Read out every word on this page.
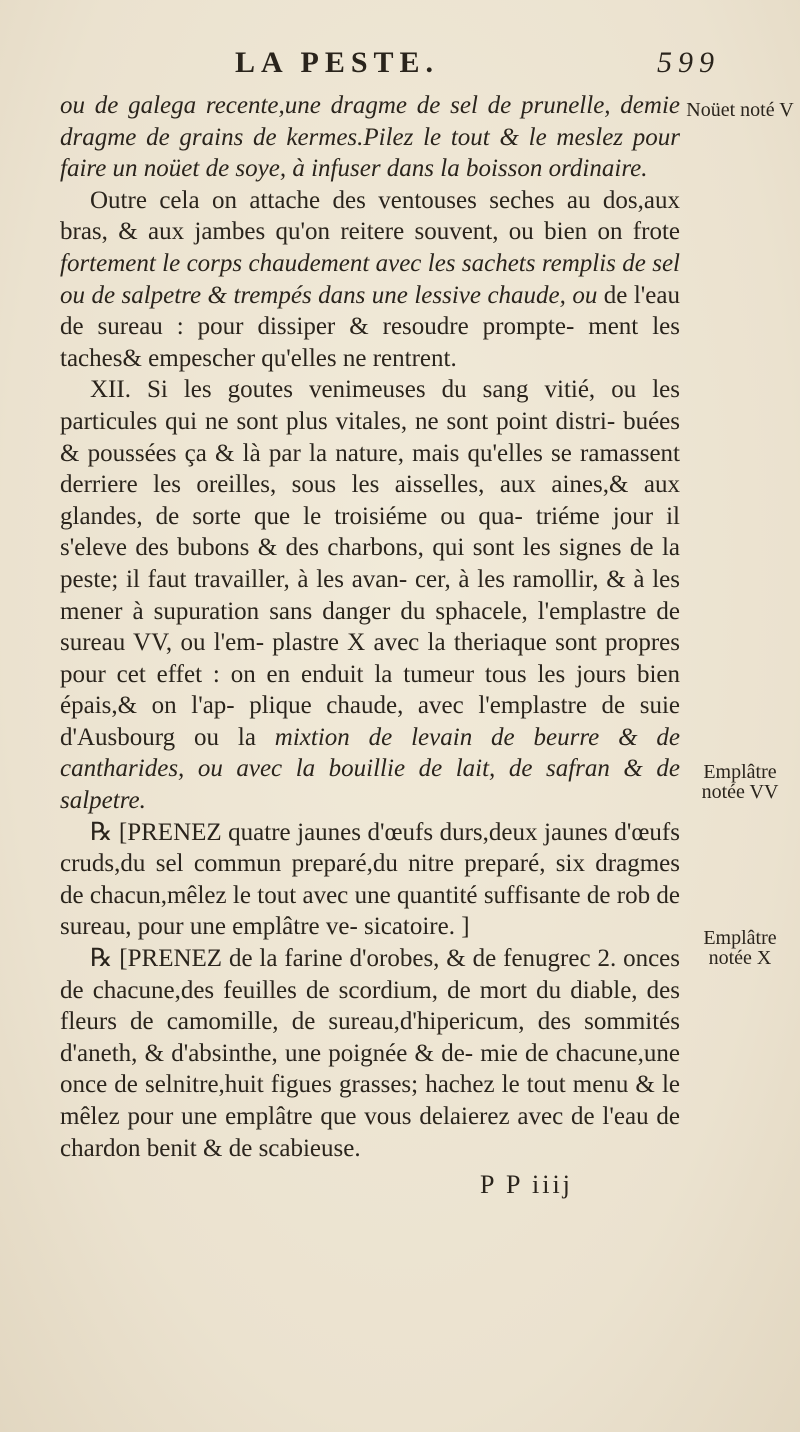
LA PESTE.	599

ou de galega recente,une dragme de sel de prunelle, demie dragme de grains de kermes.Pilez le tout & le meslez pour faire un noüet de soye, à infuser dans la boisson ordinaire.

Outre cela on attache des ventouses seches au dos,aux bras, & aux jambes qu'on reitere souvent, ou bien on frote fortement le corps chaudement avec les sachets remplis de sel ou de salpetre & trempés dans une lessive chaude, ou de l'eau de sureau : pour dissiper & resoudre prompte- ment les taches& empescher qu'elles ne rentrent.

XII. Si les goutes venimeuses du sang vitié, ou les particules qui ne sont plus vitales, ne sont point distri- buées & poussées ça & là par la nature, mais qu'elles se ramassent derriere les oreilles, sous les aisselles, aux aines,& aux glandes, de sorte que le troisiéme ou qua- triéme jour il s'eleve des bubons & des charbons, qui sont les signes de la peste; il faut travailler, à les avan- cer, à les ramollir, & à les mener à supuration sans danger du sphacele, l'emplastre de sureau VV, ou l'em- plastre X avec la theriaque sont propres pour cet effet : on en enduit la tumeur tous les jours bien épais,& on l'ap- plique chaude, avec l'emplastre de suie d'Ausbourg ou la mixtion de levain de beurre & de cantharides, ou avec la bouillie de lait, de safran & de salpetre.

℞ [PRENEZ quatre jaunes d'œufs durs,deux jaunes d'œufs cruds,du sel commun preparé,du nitre preparé, six dragmes de chacun,mêlez le tout avec une quantité suffisante de rob de sureau, pour une emplâtre ve- sicatoire. ]

℞ [PRENEZ de la farine d'orobes, & de fenugrec 2. onces de chacune,des feuilles de scordium, de mort du diable, des fleurs de camomille, de sureau,d'hipericum, des sommités d'aneth, & d'absinthe, une poignée & de- mie de chacune,une once de selnitre,huit figues grasses; hachez le tout menu & le mêlez pour une emplâtre que vous delaierez avec de l'eau de chardon benit & de scabieuse.

Noüet noté V
Emplâtre notée VV
Emplâtre notée X
P P iiij
